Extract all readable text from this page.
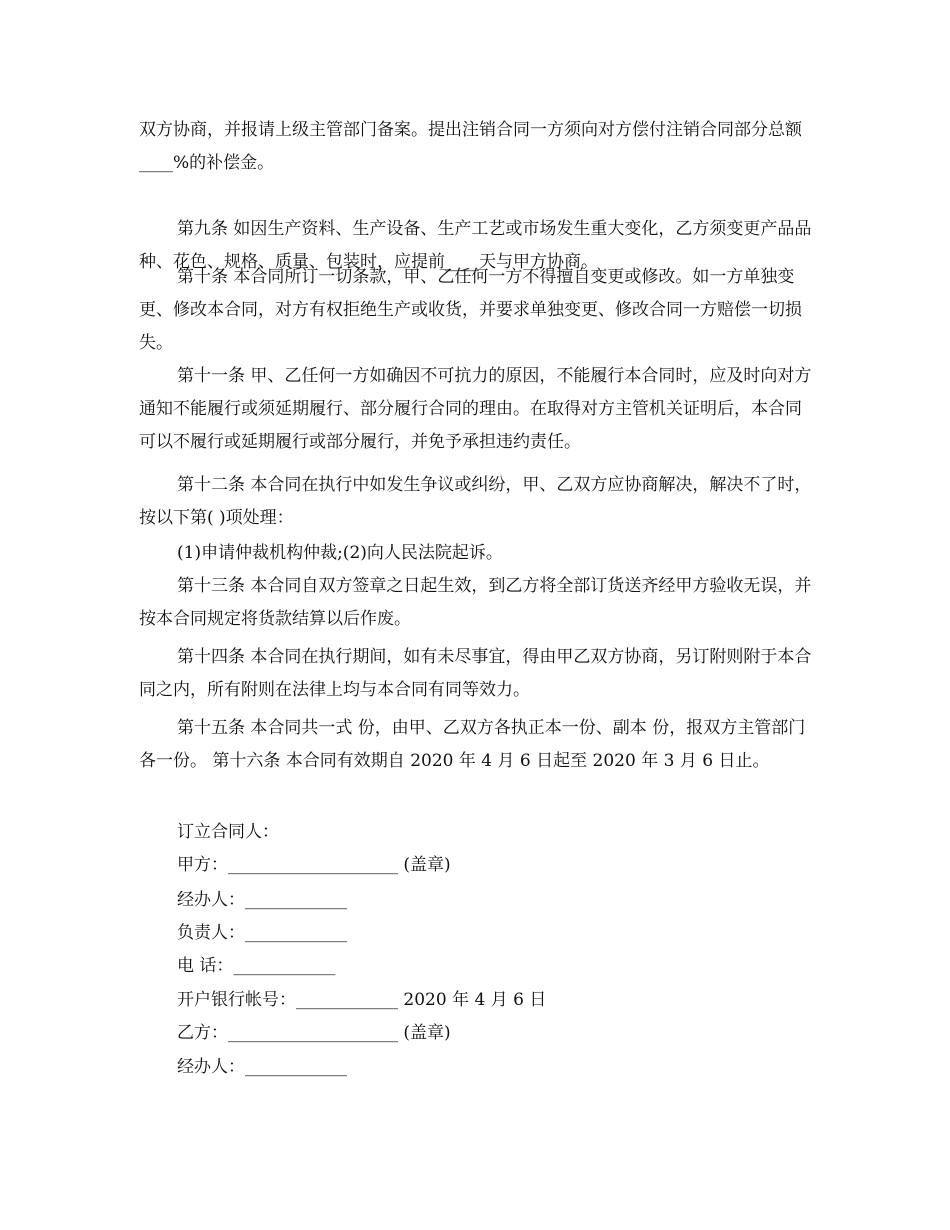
双方协商，并报请上级主管部门备案。提出注销合同一方须向对方偿付注销合同部分总额____%的补偿金。

第九条 如因生产资料、生产设备、生产工艺或市场发生重大变化，乙方须变更产品品种、花色、规格、质量、包装时，应提前____天与甲方协商。

第十条 本合同所订一切条款，甲、乙任何一方不得擅自变更或修改。如一方单独变更、修改本合同，对方有权拒绝生产或收货，并要求单独变更、修改合同一方赔偿一切损失。

第十一条 甲、乙任何一方如确因不可抗力的原因，不能履行本合同时，应及时向对方通知不能履行或须延期履行、部分履行合同的理由。在取得对方主管机关证明后，本合同可以不履行或延期履行或部分履行，并免予承担违约责任。

第十二条 本合同在执行中如发生争议或纠纷，甲、乙双方应协商解决，解决不了时，按以下第( )项处理：

(1)申请仲裁机构仲裁;(2)向人民法院起诉。

第十三条 本合同自双方签章之日起生效，到乙方将全部订货送齐经甲方验收无误，并按本合同规定将货款结算以后作废。

第十四条 本合同在执行期间，如有未尽事宜，得由甲乙双方协商，另订附则附于本合同之内，所有附则在法律上均与本合同有同等效力。

第十五条 本合同共一式 份，由甲、乙双方各执正本一份、副本 份，报双方主管部门各一份。 第十六条 本合同有效期自 2020 年 4 月 6 日起至 2020 年 3 月 6 日止。

订立合同人：

甲方：____________________ (盖章)

经办人：____________

负责人：____________

电 话：____________

开户银行帐号：____________ 2020 年 4 月 6 日

乙方：____________________ (盖章)

经办人：____________
